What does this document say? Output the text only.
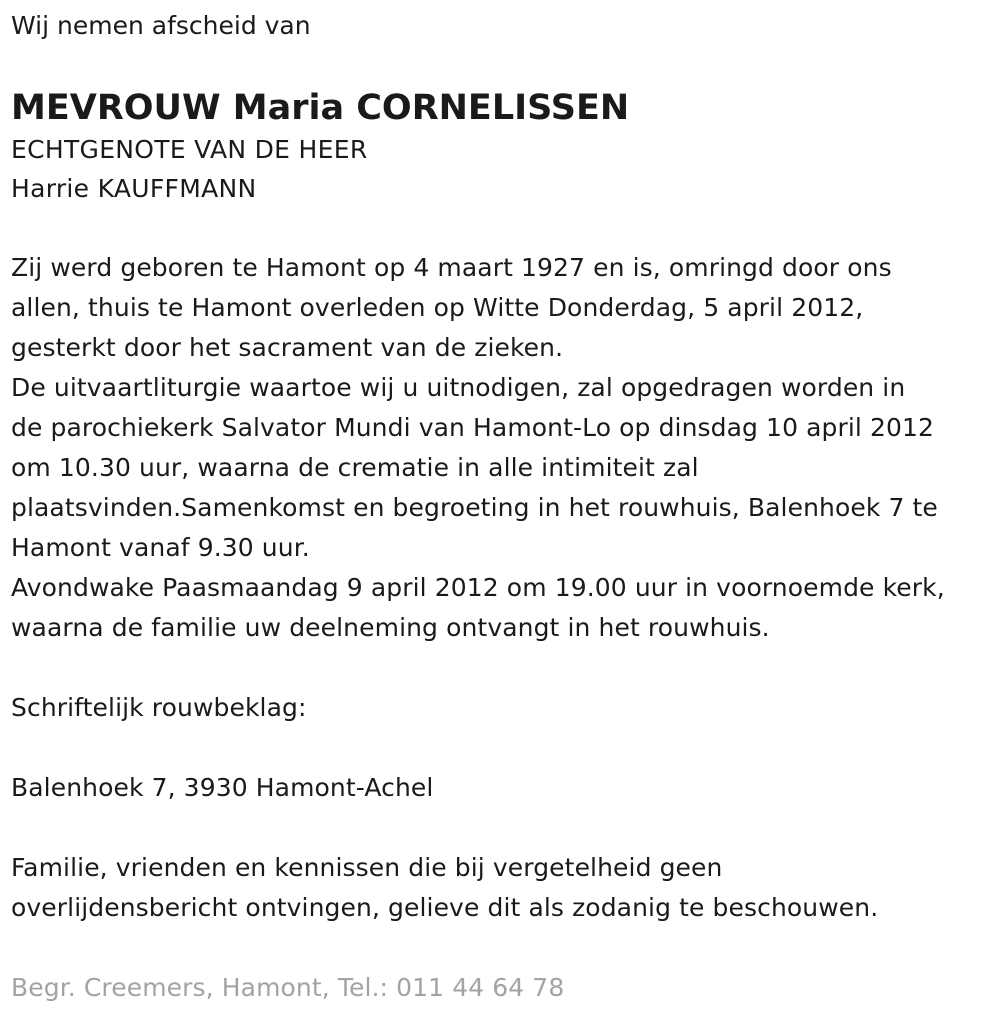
Wij nemen afscheid van
MEVROUW Maria CORNELISSEN
ECHTGENOTE VAN DE HEER
Harrie KAUFFMANN
Zij werd geboren te Hamont op 4 maart 1927 en is, omringd door ons
allen, thuis te Hamont overleden op Witte Donderdag, 5 april 2012,
gesterkt door het sacrament van de zieken.
De uitvaartliturgie waartoe wij u uitnodigen, zal opgedragen worden in
de parochiekerk Salvator Mundi van Hamont-Lo op dinsdag 10 april 2012
om 10.30 uur, waarna de crematie in alle intimiteit zal
plaatsvinden.Samenkomst en begroeting in het rouwhuis, Balenhoek 7 te
Hamont vanaf 9.30 uur.
Avondwake Paasmaandag 9 april 2012 om 19.00 uur in voornoemde kerk,
waarna de familie uw deelneming ontvangt in het rouwhuis.
Schriftelijk rouwbeklag:
Balenhoek 7, 3930 Hamont-Achel
Familie, vrienden en kennissen die bij vergetelheid geen
overlijdensbericht ontvingen, gelieve dit als zodanig te beschouwen.
Begr. Creemers, Hamont, Tel.: 011 44 64 78
